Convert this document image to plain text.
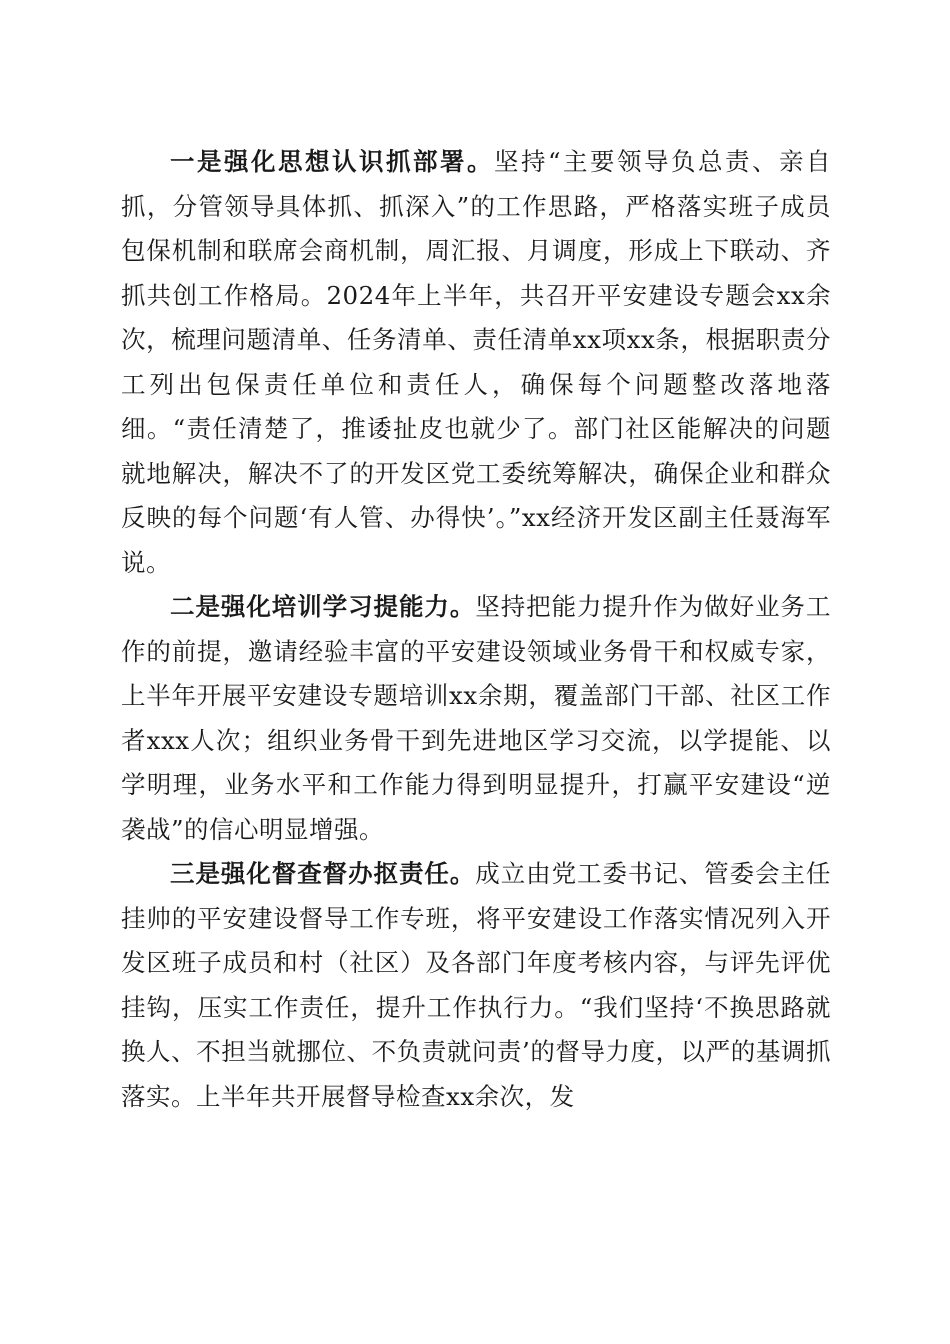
一是强化思想认识抓部署。坚持“主要领导负总责、亲自抓，分管领导具体抓、抓深入”的工作思路，严格落实班子成员包保机制和联席会商机制，周汇报、月调度，形成上下联动、齐抓共创工作格局。2024年上半年，共召开平安建设专题会xx余次，梳理问题清单、任务清单、责任清单xx项xx条，根据职责分工列出包保责任单位和责任人，确保每个问题整改落地落细。“责任清楚了，推诿扯皮也就少了。部门社区能解决的问题就地解决，解决不了的开发区党工委统筹解决，确保企业和群众反映的每个问题‘有人管、办得快’。”xx经济开发区副主任聂海军说。

二是强化培训学习提能力。坚持把能力提升作为做好业务工作的前提，邀请经验丰富的平安建设领域业务骨干和权威专家，上半年开展平安建设专题培训xx余期，覆盖部门干部、社区工作者xxx人次；组织业务骨干到先进地区学习交流，以学提能、以学明理，业务水平和工作能力得到明显提升，打赢平安建设“逆袭战”的信心明显增强。

三是强化督查督办抠责任。成立由党工委书记、管委会主任挂帅的平安建设督导工作专班，将平安建设工作落实情况列入开发区班子成员和村（社区）及各部门年度考核内容，与评先评优挂钩，压实工作责任，提升工作执行力。“我们坚持‘不换思路就换人、不担当就挪位、不负责就问责’的督导力度，以严的基调抓落实。上半年共开展督导检查xx余次，发
